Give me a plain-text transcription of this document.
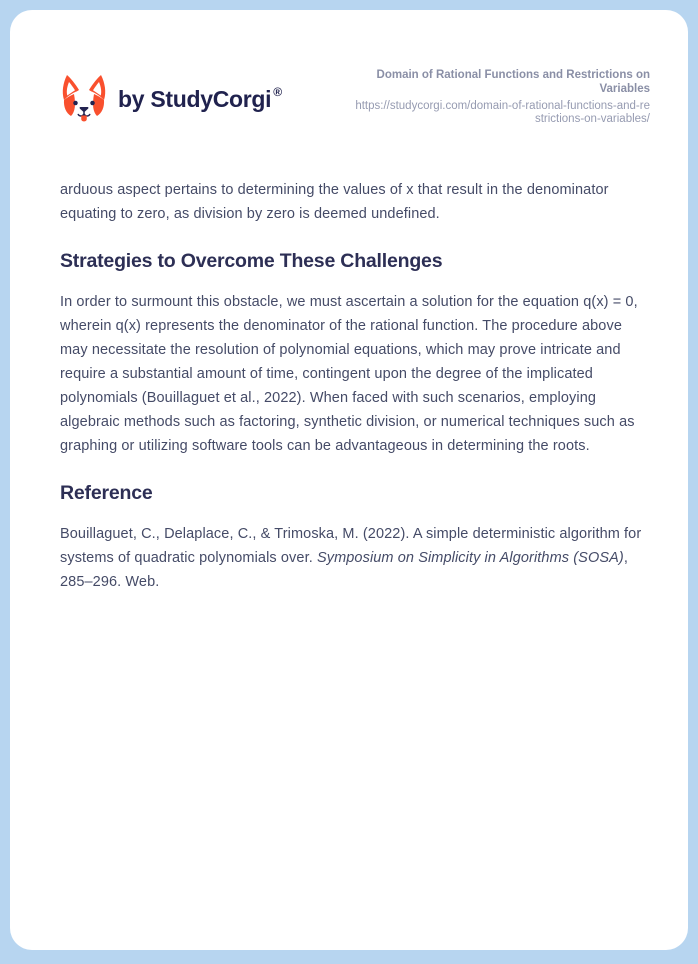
by StudyCorgi ®
Domain of Rational Functions and Restrictions on Variables
https://studycorgi.com/domain-of-rational-functions-and-restrictions-on-variables/

arduous aspect pertains to determining the values of x that result in the denominator equating to zero, as division by zero is deemed undefined.

Strategies to Overcome These Challenges

In order to surmount this obstacle, we must ascertain a solution for the equation q(x) = 0, wherein q(x) represents the denominator of the rational function. The procedure above may necessitate the resolution of polynomial equations, which may prove intricate and require a substantial amount of time, contingent upon the degree of the implicated polynomials (Bouillaguet et al., 2022). When faced with such scenarios, employing algebraic methods such as factoring, synthetic division, or numerical techniques such as graphing or utilizing software tools can be advantageous in determining the roots.

Reference

Bouillaguet, C., Delaplace, C., & Trimoska, M. (2022). A simple deterministic algorithm for systems of quadratic polynomials over. Symposium on Simplicity in Algorithms (SOSA), 285–296. Web.
